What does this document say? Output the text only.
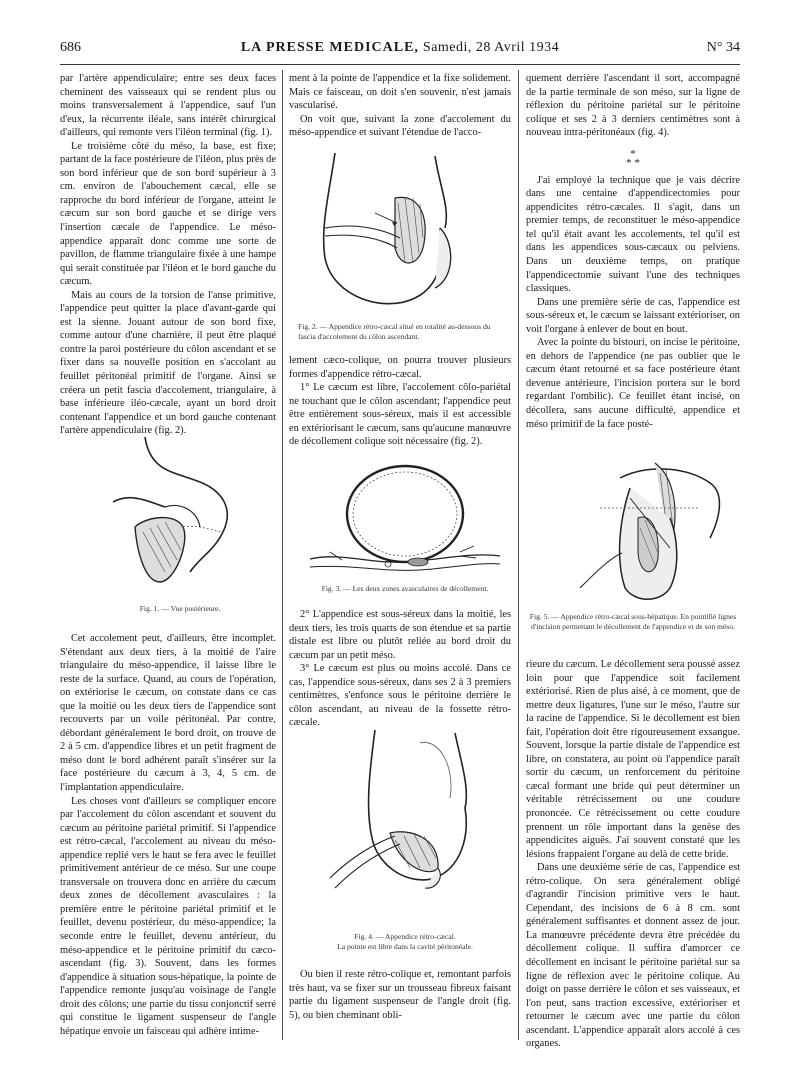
686	LA PRESSE MEDICALE, Samedi, 28 Avril 1934	N° 34

par l'artère appendiculaire; entre ses deux faces cheminent des vaisseaux qui se rendent plus ou moins transversalement à l'appendice, sauf l'un d'eux, la récurrente iléale, sans intérêt chirurgical d'ailleurs, qui remonte vers l'iléon terminal (fig. 1).

Le troisième côté du méso, la base, est fixe; partant de la face postérieure de l'iléon, plus près de son bord inférieur que de son bord supérieur à 3 cm. environ de l'abouchement cæcal, elle se rapproche du bord inférieur de l'organe, atteint le cæcum sur son bord gauche et se dirige vers l'insertion cæcale de l'appendice. Le méso-appendice apparaît donc comme une sorte de pavillon, de flamme triangulaire fixée à une hampe qui serait constituée par l'iléon et le bord gauche du cæcum.

Mais au cours de la torsion de l'anse primitive, l'appendice peut quitter la place d'avant-garde qui est la sienne. Jouant autour de son bord fixe, comme autour d'une charnière, il peut être plaqué contre la paroi postérieure du côlon ascendant et se fixer dans sa nouvelle position en s'accolant au feuillet péritonéal primitif de l'organe. Ainsi se créera un petit fascia d'accolement, triangulaire, à base inférieure iléo-cæcale, ayant un bord droit contenant l'appendice et un bord gauche contenant l'artère appendiculaire (fig. 2).

Fig. 1. — Vue postérieure.

Cet accolement peut, d'ailleurs, être incomplet. S'étendant aux deux tiers, à la moitié de l'aire triangulaire du méso-appendice, il laisse libre le reste de la surface. Quand, au cours de l'opération, on extériorise le cæcum, on constate dans ce cas que la moitié ou les deux tiers de l'appendice sont recouverts par un voile péritonéal. Par contre, débordant généralement le bord droit, on trouve de 2 à 5 cm. d'appendice libres et un petit fragment de méso dont le bord adhérent paraît s'insérer sur la face postérieure du cæcum à 3, 4, 5 cm. de l'implantation appendiculaire.

Les choses vont d'ailleurs se compliquer encore par l'accolement du côlon ascendant et souvent du cæcum au péritoine pariétal primitif. Si l'appendice est rétro-cæcal, l'accolement au niveau du méso-appendice replié vers le haut se fera avec le feuillet primitivement antérieur de ce méso. Sur une coupe transversale on trouvera donc en arrière du cæcum deux zones de décollement avasculaires : la première entre le péritoine pariétal primitif et le feuillet, devenu postérieur, du méso-appendice; la seconde entre le feuillet, devenu antérieur, du méso-appendice et le péritoine primitif du cæco-ascendant (fig. 3). Souvent, dans les formes d'appendice à situation sous-hépatique, la pointe de l'appendice remonte jusqu'au voisinage de l'angle droit des côlons; une partie du tissu conjonctif serré qui constitue le ligament suspenseur de l'angle hépatique envoie un faisceau qui adhère intime-

ment à la pointe de l'appendice et la fixe solidement. Mais ce faisceau, on doit s'en souvenir, n'est jamais vascularisé.

On voit que, suivant la zone d'accolement du méso-appendice et suivant l'étendue de l'acco-

Fig. 2. — Appendice rétro-cæcal situé en totalité au-dessous du fascia d'accolement du côlon ascendant.

lement cæco-colique, on pourra trouver plusieurs formes d'appendice rétro-cæcal.

1° Le cæcum est libre, l'accolement côlo-pariétal ne touchant que le côlon ascendant; l'appendice peut être entièrement sous-séreux, mais il est accessible en extériorisant le cæcum, sans qu'aucune manœuvre de décollement colique soit nécessaire (fig. 2).

Fig. 3. — Les deux zones avasculaires de décollement.

2° L'appendice est sous-séreux dans la moitié, les deux tiers, les trois quarts de son étendue et sa partie distale est libre ou plutôt reliée au bord droit du cæcum par un petit méso.

3° Le cæcum est plus ou moins accolé. Dans ce cas, l'appendice sous-séreux, dans ses 2 à 3 premiers centimètres, s'enfonce sous le péritoine derrière le côlon ascendant, au niveau de la fossette rétro-cæcale.

Fig. 4. — Appendice rétro-cæcal.
La pointe est libre dans la cavité péritonéale.

Ou bien il reste rétro-colique et, remontant parfois très haut, va se fixer sur un trousseau fibreux faisant partie du ligament suspenseur de l'angle droit (fig. 5), ou bien cheminant obli-

quement derrière l'ascendant il sort, accompagné de la partie terminale de son méso, sur la ligne de réflexion du péritoine pariétal sur le péritoine colique et ses 2 à 3 derniers centimètres sont à nouveau intra-péritonéaux (fig. 4).

*
* *

J'ai employé la technique que je vais décrire dans une centaine d'appendicectomies pour appendicites rétro-cæcales. Il s'agit, dans un premier temps, de reconstituer le méso-appendice tel qu'il était avant les accolements, tel qu'il est dans les appendices sous-cæcaux ou pelviens. Dans un deuxième temps, on pratique l'appendicectomie suivant l'une des techniques classiques.

Dans une première série de cas, l'appendice est sous-séreux et, le cæcum se laissant extérioriser, on voit l'organe à enlever de bout en bout.

Avec la pointe du bistouri, on incise le péritoine, en dehors de l'appendice (ne pas oublier que le cæcum étant retourné et sa face postérieure étant devenue antérieure, l'incision portera sur le bord regardant l'ombilic). Ce feuillet étant incisé, on décollera, sans aucune difficulté, appendice et méso primitif de la face posté-

Fig. 5. — Appendice rétro-cæcal sous-hépatique. En pointillé lignes d'incision permettant le décollement de l'appendice et de son méso.

rieure du cæcum. Le décollement sera poussé assez loin pour que l'appendice soit facilement extériorisé. Rien de plus aisé, à ce moment, que de mettre deux ligatures, l'une sur le méso, l'autre sur la racine de l'appendice. Si le décollement est bien fait, l'opération doit être rigoureusement exsangue. Souvent, lorsque la partie distale de l'appendice est libre, on constatera, au point où l'appendice paraît sortir du cæcum, un renforcement du péritoine cæcal formant une bride qui peut déterminer un véritable rétrécissement ou une coudure prononcée. Ce rétrécissement ou cette coudure prennent un rôle important dans la genèse des appendicites aiguës. J'ai souvent constaté que les lésions frappaient l'organe au delà de cette bride.

Dans une deuxième série de cas, l'appendice est rétro-colique. On sera généralement obligé d'agrandir l'incision primitive vers le haut. Cependant, des incisions de 6 à 8 cm. sont généralement suffisantes et donnent assez de jour. La manœuvre précédente devra être précédée du décollement colique. Il suffira d'amorcer ce décollement en incisant le péritoine pariétal sur sa ligne de réflexion avec le péritoine colique. Au doigt on passe derrière le côlon et ses vaisseaux, et l'on peut, sans traction excessive, extérioriser et retourner le cæcum avec une partie du côlon ascendant. L'appendice apparaît alors accolé à ces organes.
